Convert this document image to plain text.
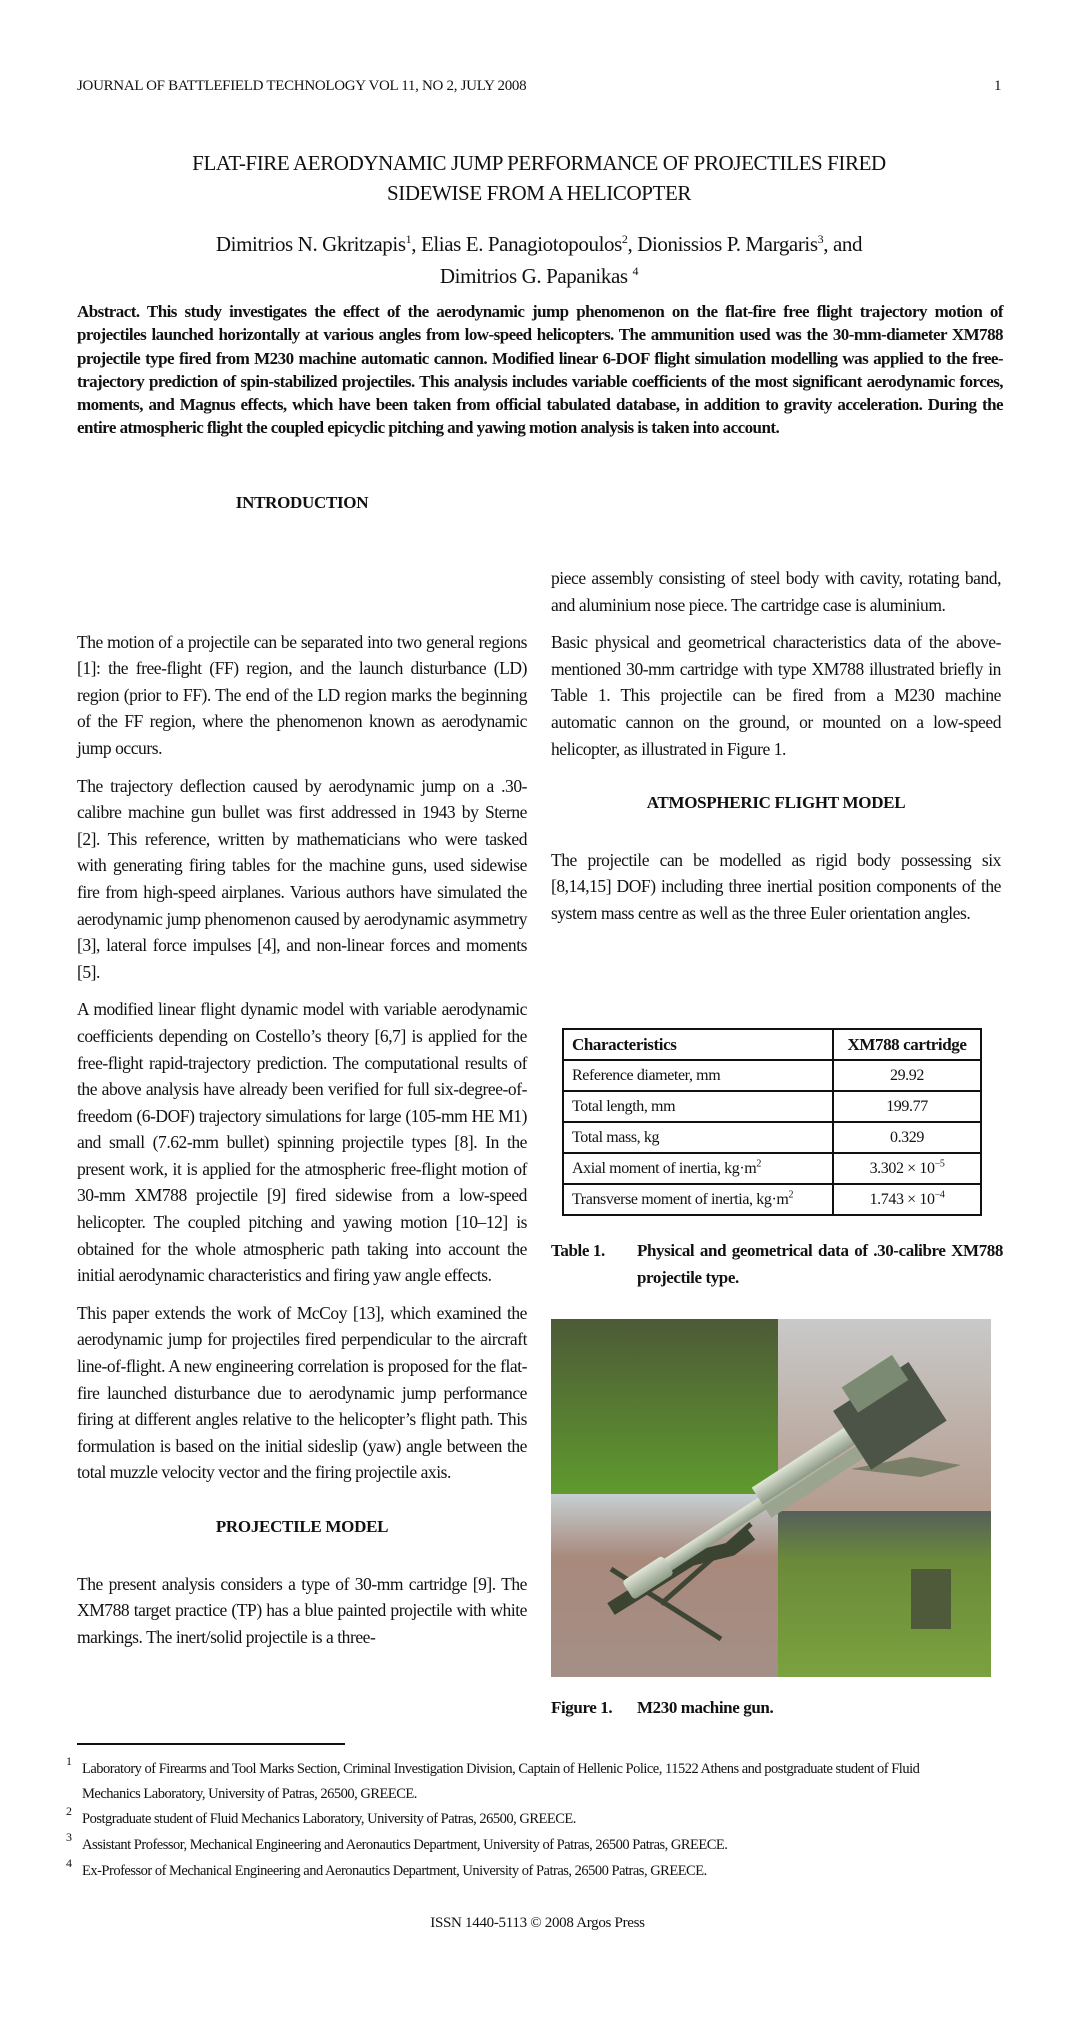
JOURNAL OF BATTLEFIELD TECHNOLOGY VOL 11, NO 2, JULY 2008	1
FLAT-FIRE AERODYNAMIC JUMP PERFORMANCE OF PROJECTILES FIRED
SIDEWISE FROM A HELICOPTER
Dimitrios N. Gkritzapis$^1$, Elias E. Panagiotopoulos$^2$, Dionissios P. Margaris$^3$, and
Dimitrios G. Papanikas $^4$
Abstract. This study investigates the effect of the aerodynamic jump phenomenon on the flat-fire free flight trajectory motion of projectiles launched horizontally at various angles from low-speed helicopters. The ammunition used was the 30-mm-diameter XM788 projectile type fired from M230 machine automatic cannon. Modified linear 6-DOF flight simulation modelling was applied to the free-trajectory prediction of spin-stabilized projectiles. This analysis includes variable coefficients of the most significant aerodynamic forces, moments, and Magnus effects, which have been taken from official tabulated database, in addition to gravity acceleration. During the entire atmospheric flight the coupled epicyclic pitching and yawing motion analysis is taken into account.
INTRODUCTION

The motion of a projectile can be separated into two general regions [1]: the free-flight (FF) region, and the launch disturbance (LD) region (prior to FF). The end of the LD region marks the beginning of the FF region, where the phenomenon known as aerodynamic jump occurs.

The trajectory deflection caused by aerodynamic jump on a .30-calibre machine gun bullet was first addressed in 1943 by Sterne [2]. This reference, written by mathematicians who were tasked with generating firing tables for the machine guns, used sidewise fire from high-speed airplanes. Various authors have simulated the aerodynamic jump phenomenon caused by aerodynamic asymmetry [3], lateral force impulses [4], and non-linear forces and moments [5].

A modified linear flight dynamic model with variable aerodynamic coefficients depending on Costello’s theory [6,7] is applied for the free-flight rapid-trajectory prediction. The computational results of the above analysis have already been verified for full six-degree-of-freedom (6-DOF) trajectory simulations for large (105-mm HE M1) and small (7.62-mm bullet) spinning projectile types [8]. In the present work, it is applied for the atmospheric free-flight motion of 30-mm XM788 projectile [9] fired sidewise from a low-speed helicopter. The coupled pitching and yawing motion [10–12] is obtained for the whole atmospheric path taking into account the initial aerodynamic characteristics and firing yaw angle effects.

This paper extends the work of McCoy [13], which examined the aerodynamic jump for projectiles fired perpendicular to the aircraft line-of-flight. A new engineering correlation is proposed for the flat-fire launched disturbance due to aerodynamic jump performance firing at different angles relative to the helicopter’s flight path. This formulation is based on the initial sideslip (yaw) angle between the total muzzle velocity vector and the firing projectile axis.

PROJECTILE MODEL

The present analysis considers a type of 30-mm cartridge [9]. The XM788 target practice (TP) has a blue painted projectile with white markings. The inert/solid projectile is a three-

piece assembly consisting of steel body with cavity, rotating band, and aluminium nose piece. The cartridge case is aluminium.

Basic physical and geometrical characteristics data of the above-mentioned 30-mm cartridge with type XM788 illustrated briefly in Table 1. This projectile can be fired from a M230 machine automatic cannon on the ground, or mounted on a low-speed helicopter, as illustrated in Figure 1.

ATMOSPHERIC FLIGHT MODEL

The projectile can be modelled as rigid body possessing six [8,14,15] DOF) including three inertial position components of the system mass centre as well as the three Euler orientation angles.

Characteristics	XM788 cartridge
Reference diameter, mm	29.92
Total length, mm	199.77
Total mass, kg	0.329
Axial moment of inertia, $kg\cdot m^2$	$3.302 \times 10^{-5}$
Transverse moment of inertia, $kg\cdot m^2$	$1.743 \times 10^{-4}$
Table 1.	Physical and geometrical data of .30-calibre XM788 projectile type.
Figure 1.	M230 machine gun.
1 Laboratory of Firearms and Tool Marks Section, Criminal Investigation Division, Captain of Hellenic Police, 11522 Athens and postgraduate student of Fluid Mechanics Laboratory, University of Patras, 26500, GREECE.
2 Postgraduate student of Fluid Mechanics Laboratory, University of Patras, 26500, GREECE.
3 Assistant Professor, Mechanical Engineering and Aeronautics Department, University of Patras, 26500 Patras, GREECE.
4 Ex-Professor of Mechanical Engineering and Aeronautics Department, University of Patras, 26500 Patras, GREECE.
ISSN 1440-5113 © 2008 Argos Press
